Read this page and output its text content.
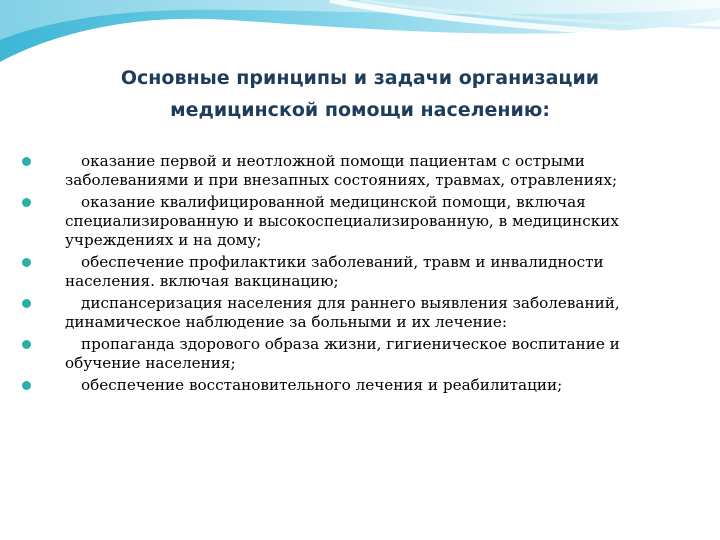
Основные принципы и задачи организации
медицинской помощи населению:
оказание первой и неотложной помощи пациентам с острыми заболеваниями и при внезапных состояниях, травмах, отравлениях;
оказание квалифицированной медицинской помощи, включая специализированную и высокоспециализированную, в медицинских учреждениях и на дому;
обеспечение профилактики заболеваний, травм и инвалидности населения. включая вакцинацию;
диспансеризация населения для раннего выявления заболеваний, динамическое наблюдение за больными и их лечение:
пропаганда здорового образа жизни, гигиеническое воспитание и обучение населения;
обеспечение восстановительного лечения и реабилитации;
